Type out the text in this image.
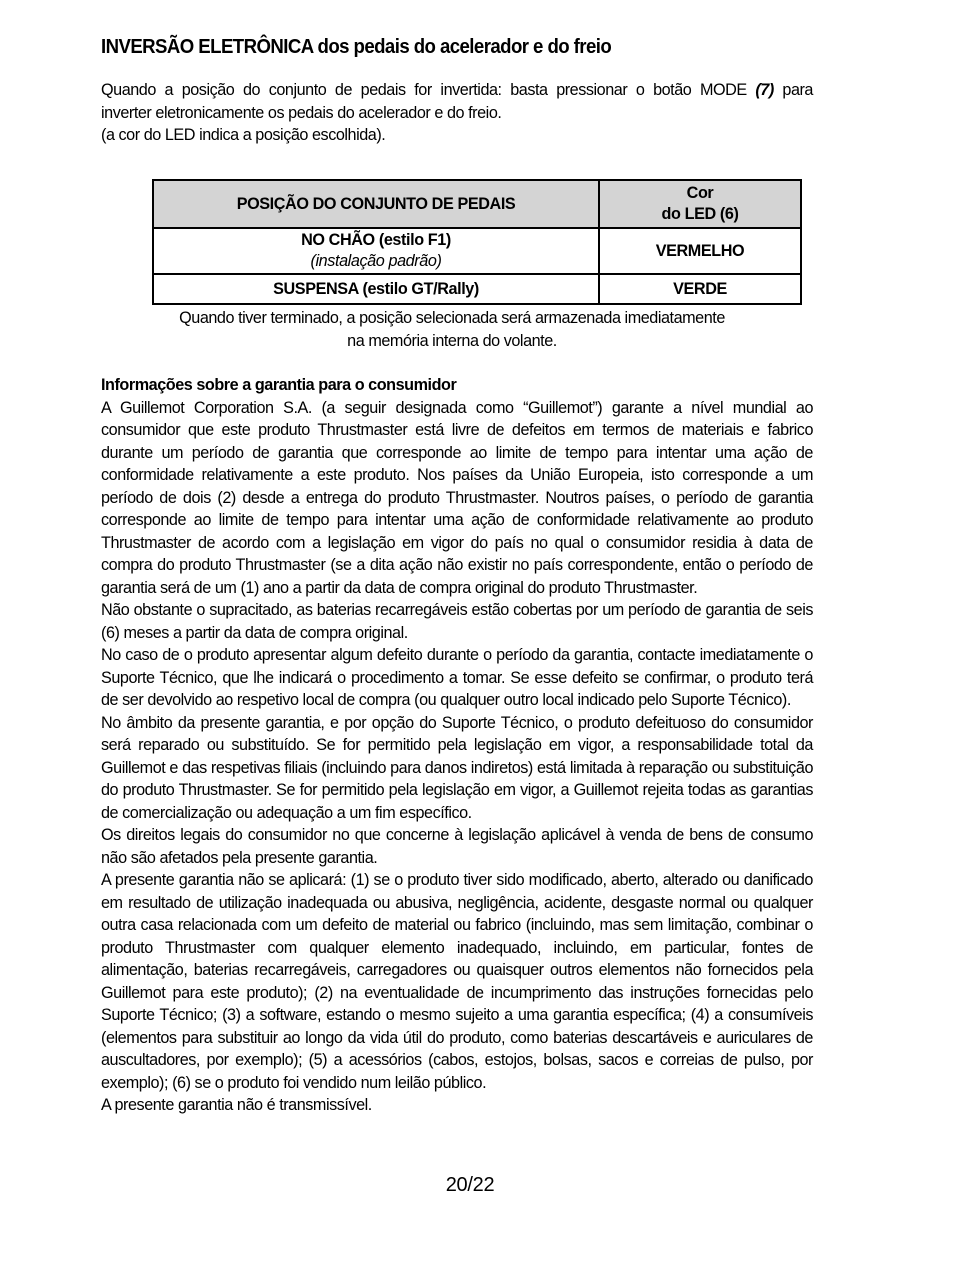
INVERSÃO ELETRÔNICA dos pedais do acelerador e do freio

Quando a posição do conjunto de pedais for invertida: basta pressionar o botão MODE (7) para

inverter eletronicamente os pedais do acelerador e do freio.

(a cor do LED indica a posição escolhida).

POSIÇÃO DO CONJUNTO DE PEDAIS	Cor
do LED (6)
NO CHÃO (estilo F1)
(instalação padrão)	VERMELHO
SUSPENSA (estilo GT/Rally)	VERDE
Quando tiver terminado, a posição selecionada será armazenada imediatamente
na memória interna do volante.
Informações sobre a garantia para o consumidor

A Guillemot Corporation S.A. (a seguir designada como “Guillemot”) garante a nível mundial ao consumidor que este produto Thrustmaster está livre de defeitos em termos de materiais e fabrico durante um período de garantia que corresponde ao limite de tempo para intentar uma ação de conformidade relativamente a este produto. Nos países da União Europeia, isto corresponde a um período de dois (2) desde a entrega do produto Thrustmaster. Noutros países, o período de garantia corresponde ao limite de tempo para intentar uma ação de conformidade relativamente ao produto Thrustmaster de acordo com a legislação em vigor do país no qual o consumidor residia à data de compra do produto Thrustmaster (se a dita ação não existir no país correspondente, então o período de garantia será de um (1) ano a partir da data de compra original do produto Thrustmaster.

Não obstante o supracitado, as baterias recarregáveis estão cobertas por um período de garantia de seis (6) meses a partir da data de compra original.

No caso de o produto apresentar algum defeito durante o período da garantia, contacte imediatamente o Suporte Técnico, que lhe indicará o procedimento a tomar. Se esse defeito se confirmar, o produto terá de ser devolvido ao respetivo local de compra (ou qualquer outro local indicado pelo Suporte Técnico).

No âmbito da presente garantia, e por opção do Suporte Técnico, o produto defeituoso do consumidor será reparado ou substituído. Se for permitido pela legislação em vigor, a responsabilidade total da Guillemot e das respetivas filiais (incluindo para danos indiretos) está limitada à reparação ou substituição do produto Thrustmaster. Se for permitido pela legislação em vigor, a Guillemot rejeita todas as garantias de comercialização ou adequação a um fim específico.

Os direitos legais do consumidor no que concerne à legislação aplicável à venda de bens de consumo não são afetados pela presente garantia.

A presente garantia não se aplicará: (1) se o produto tiver sido modificado, aberto, alterado ou danificado em resultado de utilização inadequada ou abusiva, negligência, acidente, desgaste normal ou qualquer outra casa relacionada com um defeito de material ou fabrico (incluindo, mas sem limitação, combinar o produto Thrustmaster com qualquer elemento inadequado, incluindo, em particular, fontes de alimentação, baterias recarregáveis, carregadores ou quaisquer outros elementos não fornecidos pela Guillemot para este produto); (2) na eventualidade de incumprimento das instruções fornecidas pelo Suporte Técnico; (3) a software, estando o mesmo sujeito a uma garantia específica; (4) a consumíveis (elementos para substituir ao longo da vida útil do produto, como baterias descartáveis e auriculares de auscultadores, por exemplo); (5) a acessórios (cabos, estojos, bolsas, sacos e correias de pulso, por exemplo); (6) se o produto foi vendido num leilão público.

A presente garantia não é transmissível.

20/22
